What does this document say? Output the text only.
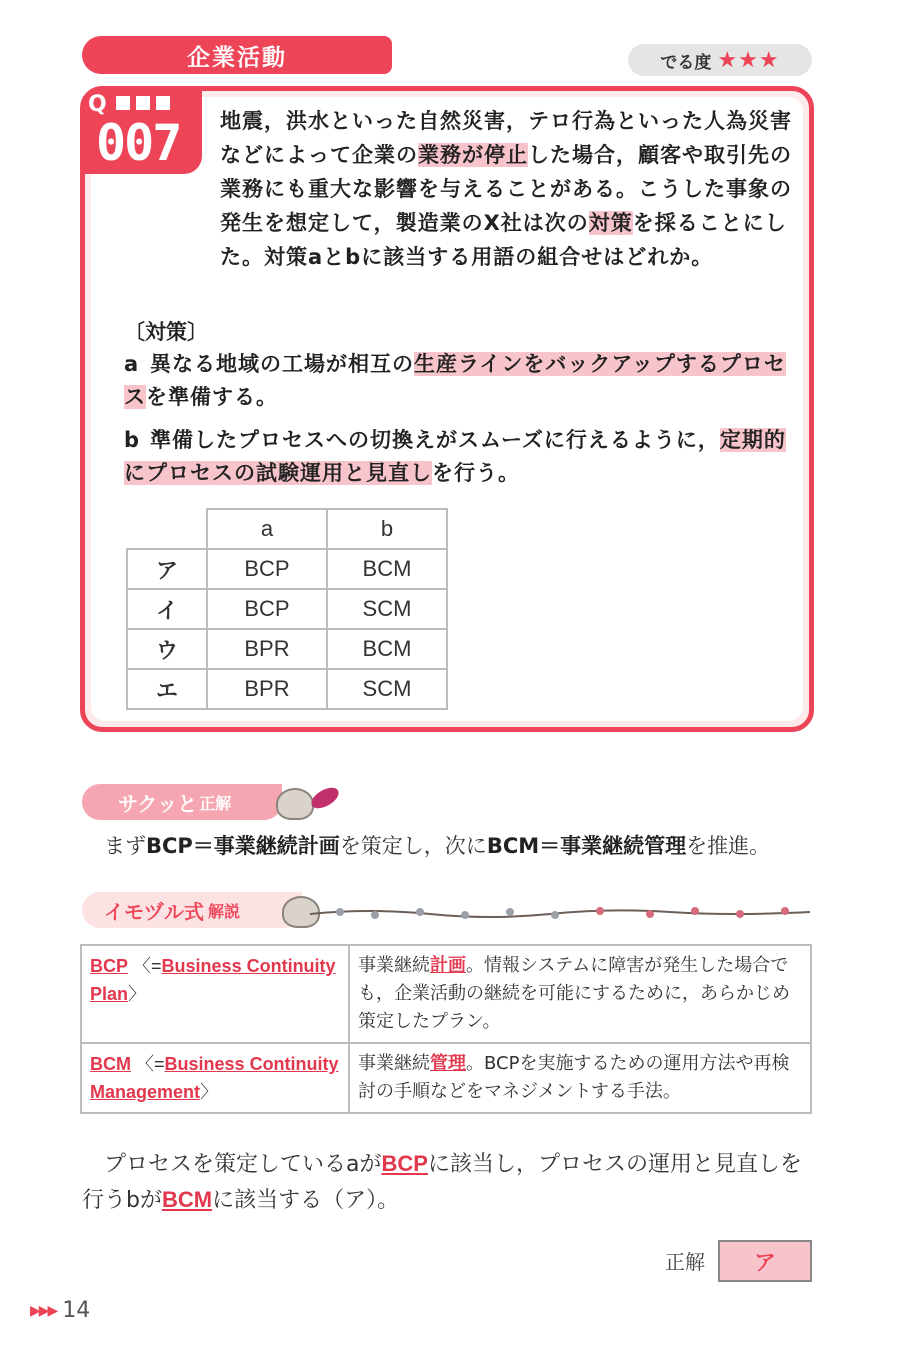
企業活動	でる度 ★★★
Q
007 地震，洪水といった自然災害，テロ行為といった人為災害などによって企業の業務が停止した場合，顧客や取引先の業務にも重大な影響を与えることがある。こうした事象の発生を想定して，製造業のX社は次の対策を採ることにした。対策aとbに該当する用語の組合せはどれか。
〔対策〕
a 異なる地域の工場が相互の生産ラインをバックアップするプロセスを準備する。
b 準備したプロセスへの切換えがスムーズに行えるように，定期的にプロセスの試験運用と見直しを行う。
	a	b
ア	BCP	BCM
イ	BCP	SCM
ウ	BPR	BCM
エ	BPR	SCM
サクッと 正解
まずBCP＝事業継続計画を策定し，次にBCM＝事業継続管理を推進。
イモヅル式 解説
BCP 〈=Business Continuity Plan〉	事業継続計画。情報システムに障害が発生した場合でも，企業活動の継続を可能にするために，あらかじめ策定したプラン。
BCM 〈=Business Continuity Management〉	事業継続管理。BCPを実施するための運用方法や再検討の手順などをマネジメントする手法。
プロセスを策定しているaがBCPに該当し，プロセスの運用と見直しを行うbがBCMに該当する（ア）。
正解	ア
▶▶▶ 14
